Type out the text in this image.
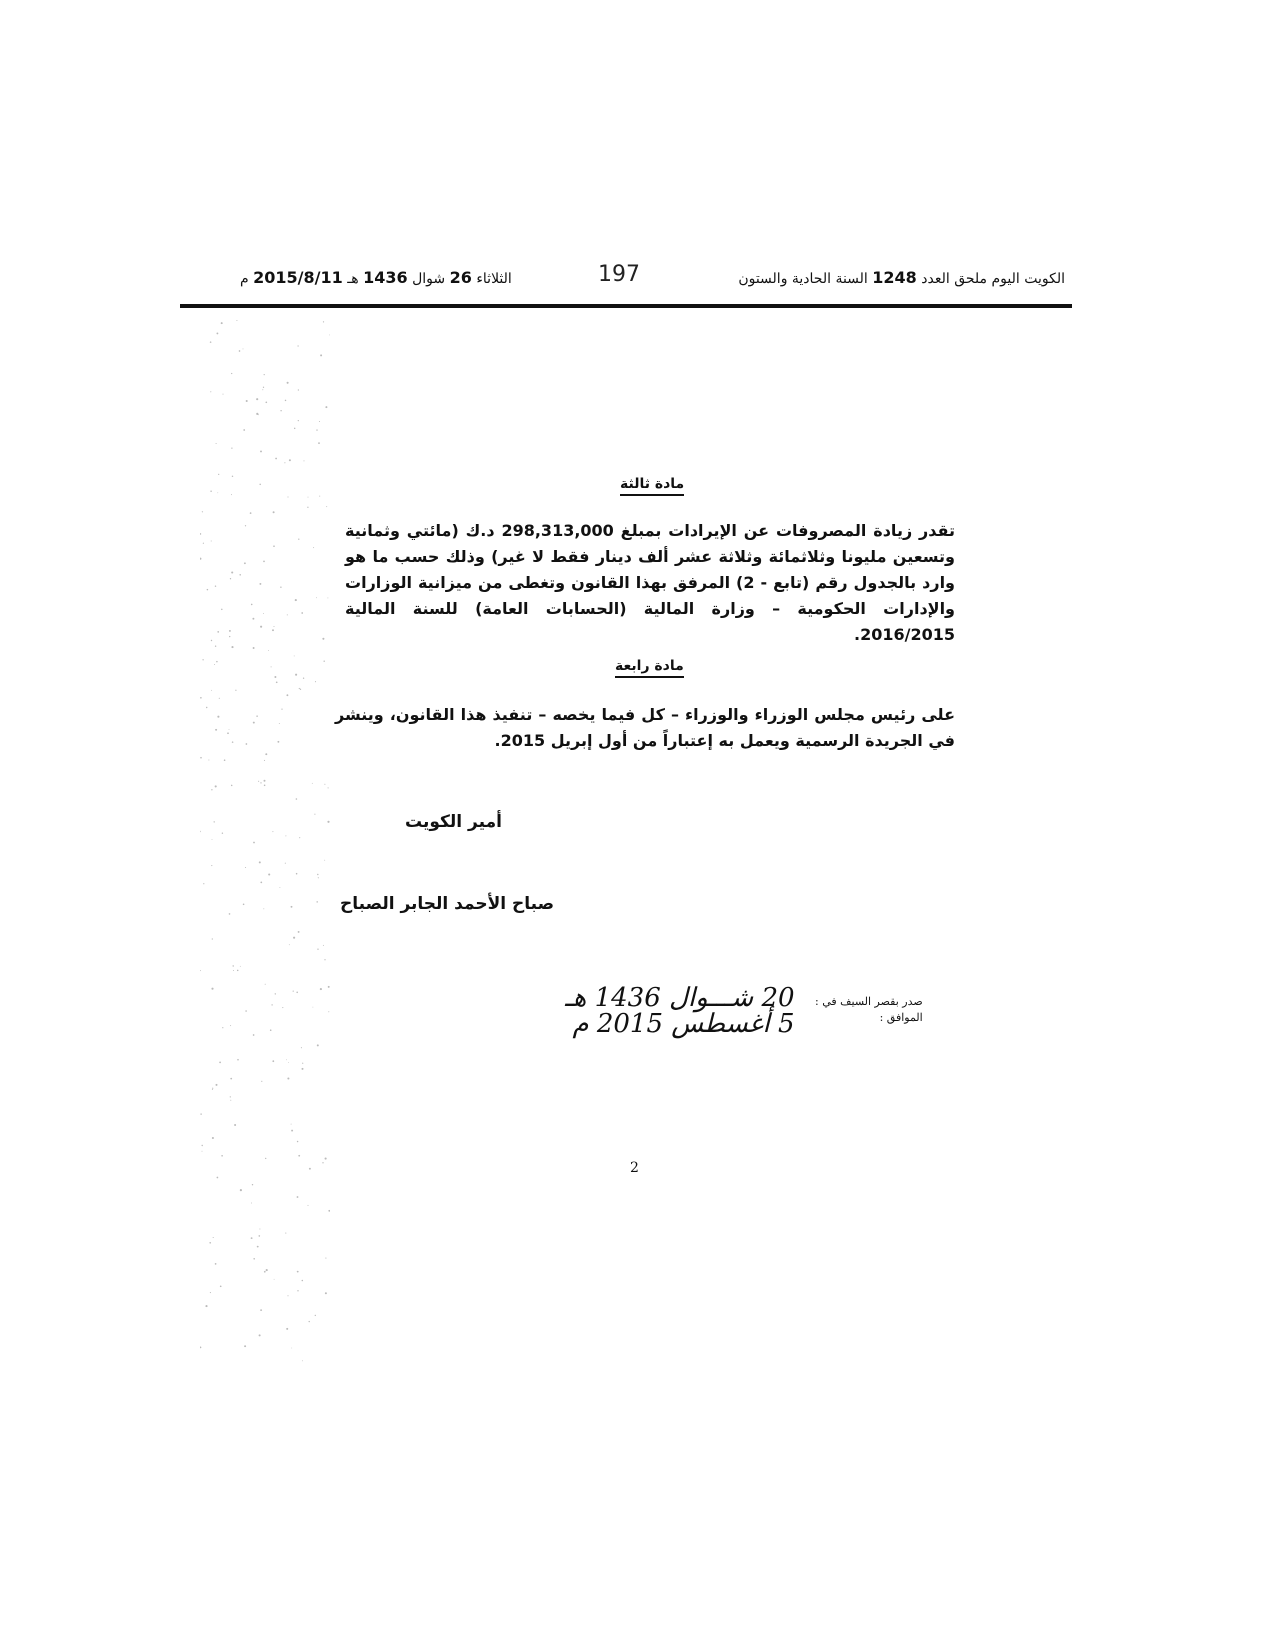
الكويت اليوم ملحق العدد 1248 السنة الحادية والستون
197
الثلاثاء 26 شوال 1436 هـ 2015/8/11 م
مادة ثالثة
تقدر زيادة المصروفات عن الإيرادات بمبلغ 298,313,000 د.ك (مائتي وثمانية وتسعين مليونا وثلاثمائة وثلاثة عشر ألف دينار فقط لا غير) وذلك حسب ما هو وارد بالجدول رقم (تابع - 2) المرفق بهذا القانون وتغطى من ميزانية الوزارات والإدارات الحكومية – وزارة المالية (الحسابات العامة) للسنة المالية 2016/2015.
مادة رابعة
على رئيس مجلس الوزراء والوزراء – كل فيما يخصه – تنفيذ هذا القانون، وينشر في الجريدة الرسمية ويعمل به إعتباراً من أول إبريل 2015.
أمير الكويت
صباح الأحمد الجابر الصباح
صدر بقصر السيف في :
الموافق :
20 شـــوال 1436 هـ
5 أغسطس 2015 م
2
